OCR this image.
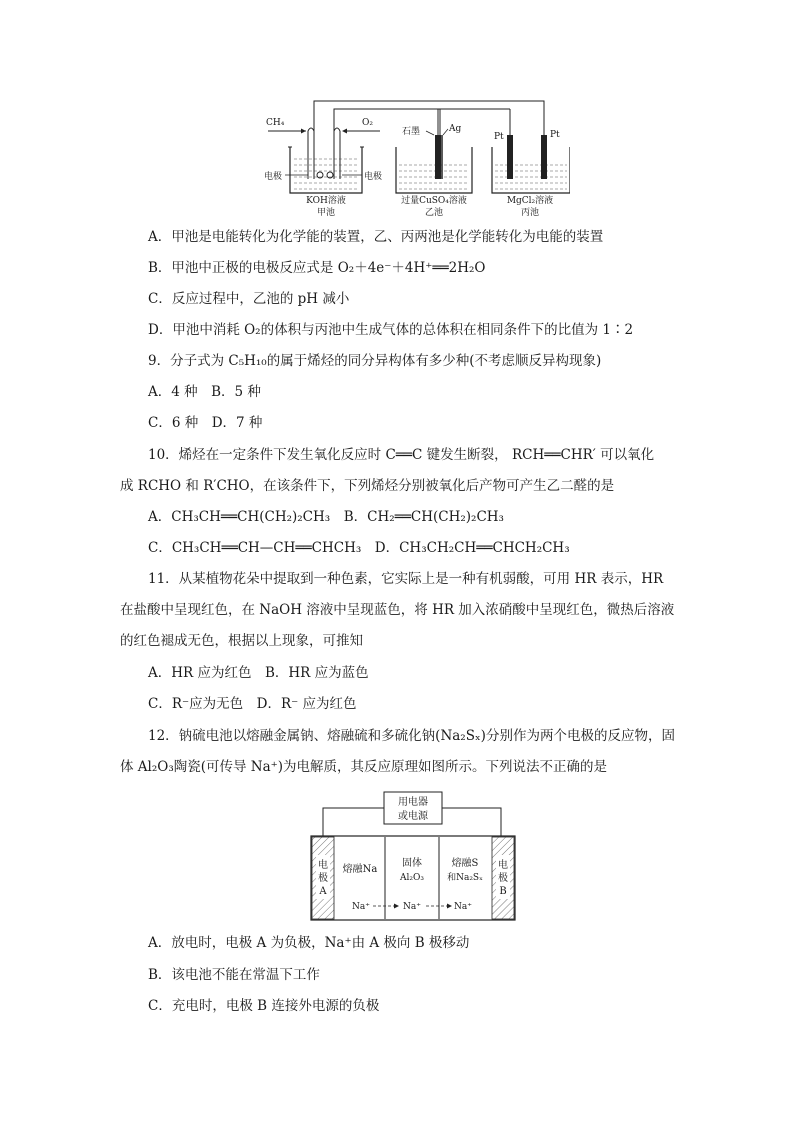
CH₄	O₂
电极	电极
KOH溶液
甲池
石墨	Ag
过量CuSO₄溶液
乙池
Pt	Pt
MgCl₂溶液
丙池
A．甲池是电能转化为化学能的装置，乙、丙两池是化学能转化为电能的装置
B．甲池中正极的电极反应式是 O₂＋4e⁻＋4H⁺══2H₂O
C．反应过程中，乙池的 pH 减小
D．甲池中消耗 O₂的体积与丙池中生成气体的总体积在相同条件下的比值为 1∶2
9．分子式为 C₅H₁₀的属于烯烃的同分异构体有多少种(不考虑顺反异构现象)
A．4 种　B．5 种
C．6 种　D．7 种
10．烯烃在一定条件下发生氧化反应时 C══C 键发生断裂， RCH══CHR′ 可以氧化
成 RCHO 和 R′CHO，在该条件下，下列烯烃分别被氧化后产物可产生乙二醛的是
A．CH₃CH══CH(CH₂)₂CH₃　B．CH₂══CH(CH₂)₂CH₃
C．CH₃CH══CH—CH══CHCH₃　D．CH₃CH₂CH══CHCH₂CH₃
11．从某植物花朵中提取到一种色素，它实际上是一种有机弱酸，可用 HR 表示，HR
在盐酸中呈现红色，在 NaOH 溶液中呈现蓝色，将 HR 加入浓硝酸中呈现红色，微热后溶液
的红色褪成无色，根据以上现象，可推知
A．HR 应为红色　B．HR 应为蓝色
C．R⁻应为无色　D．R⁻ 应为红色
12．钠硫电池以熔融金属钠、熔融硫和多硫化钠(Na₂Sₓ)分别作为两个电极的反应物，固
体 Al₂O₃陶瓷(可传导 Na⁺)为电解质，其反应原理如图所示。下列说法不正确的是
用电器
或电源
电
极
A
电
极
B
熔融Na
固体
Al₂O₃
熔融S
和Na₂Sₓ
Na⁺	Na⁺	Na⁺
A．放电时，电极 A 为负极，Na⁺由 A 极向 B 极移动
B．该电池不能在常温下工作
C．充电时，电极 B 连接外电源的负极
